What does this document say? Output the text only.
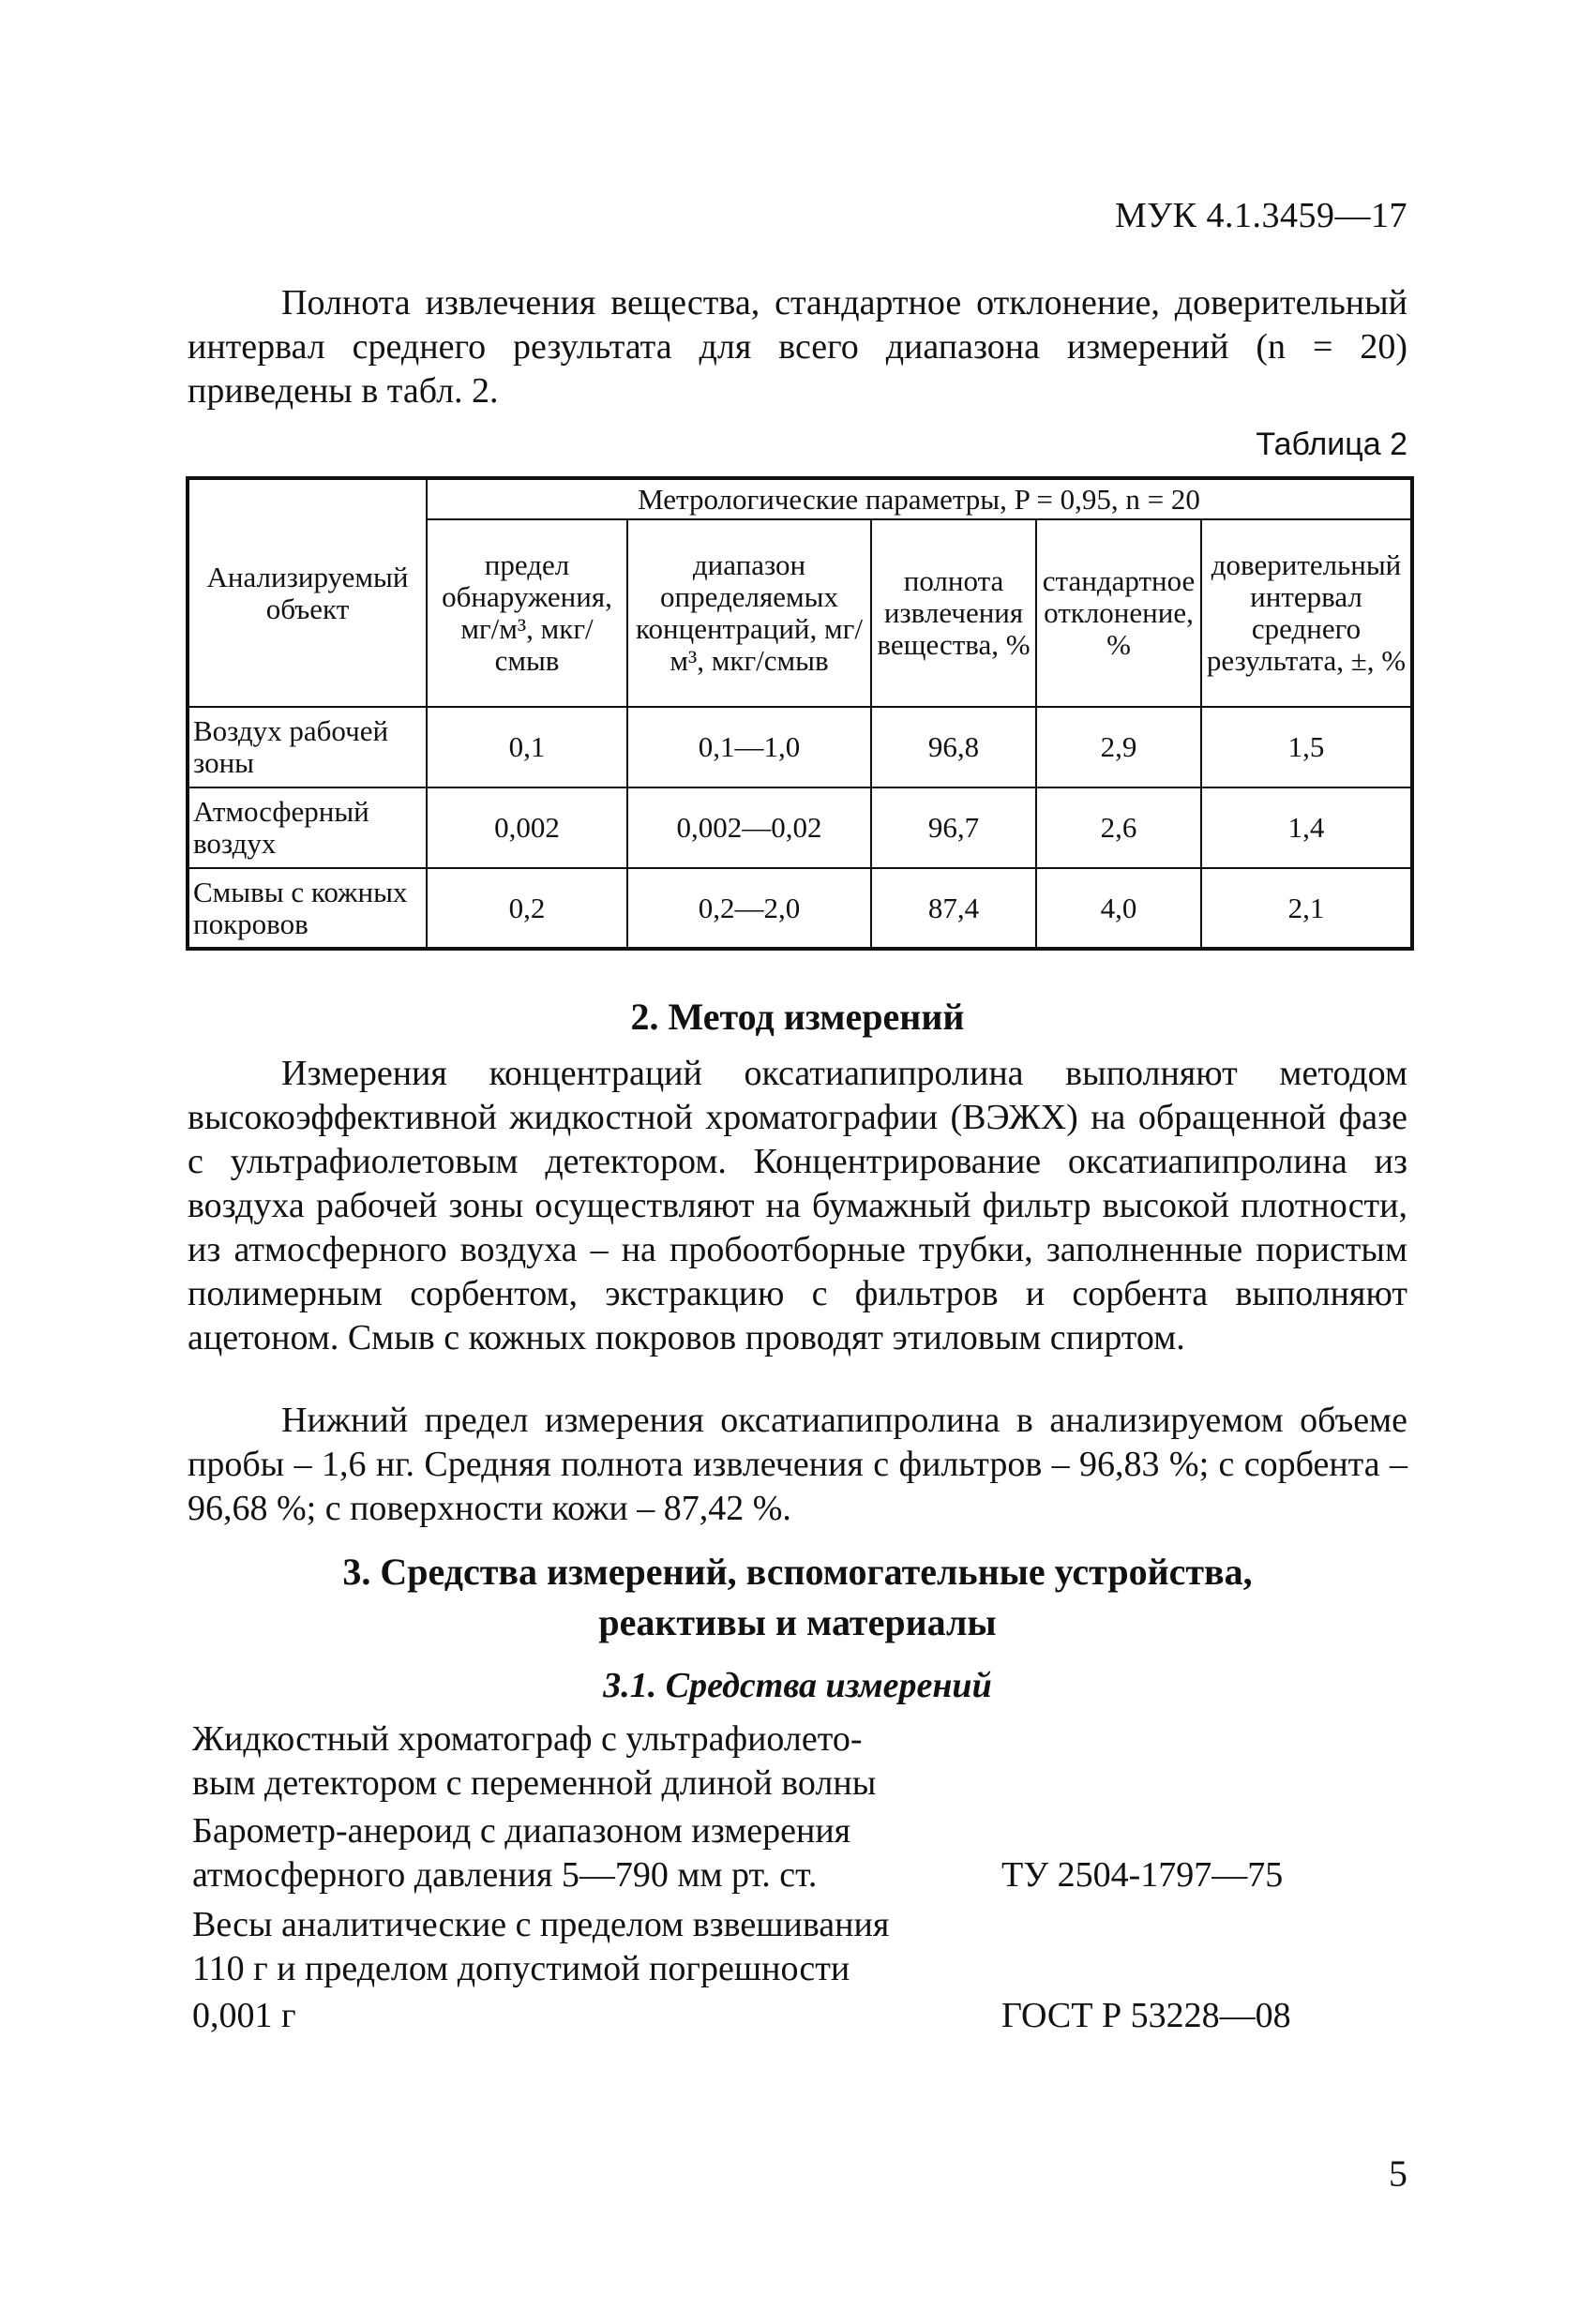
МУК 4.1.3459—17
Полнота извлечения вещества, стандартное отклонение, доверительный интервал среднего результата для всего диапазона измерений (n = 20) приведены в табл. 2.
Таблица 2
Анализируемый объект	Метрологические параметры, P = 0,95, n = 20				
	предел обнаружения, мг/м³, мкг/смыв	диапазон определяемых концентраций, мг/м³, мкг/смыв	полнота извлечения вещества, %	стандартное отклонение, %	доверительный интервал среднего результата, ±, %
Воздух рабочей зоны	0,1	0,1—1,0	96,8	2,9	1,5
Атмосферный воздух	0,002	0,002—0,02	96,7	2,6	1,4
Смывы с кожных покровов	0,2	0,2—2,0	87,4	4,0	2,1
2. Метод измерений
Измерения концентраций оксатиапипролина выполняют методом высокоэффективной жидкостной хроматографии (ВЭЖХ) на обращенной фазе с ультрафиолетовым детектором. Концентрирование оксатиапипролина из воздуха рабочей зоны осуществляют на бумажный фильтр высокой плотности, из атмосферного воздуха – на пробоотборные трубки, заполненные пористым полимерным сорбентом, экстракцию с фильтров и сорбента выполняют ацетоном. Смыв с кожных покровов проводят этиловым спиртом.
Нижний предел измерения оксатиапипролина в анализируемом объеме пробы – 1,6 нг. Средняя полнота извлечения с фильтров – 96,83 %; с сорбента – 96,68 %; с поверхности кожи – 87,42 %.
3. Средства измерений, вспомогательные устройства,
реактивы и материалы
3.1. Средства измерений
Жидкостный хроматограф с ультрафиолето-
вым детектором с переменной длиной волны
Барометр-анероид с диапазоном измерения
атмосферного давления 5—790 мм рт. ст.	ТУ 2504-1797—75
Весы аналитические с пределом взвешивания
110 г и пределом допустимой погрешности
0,001 г	ГОСТ Р 53228—08
5
